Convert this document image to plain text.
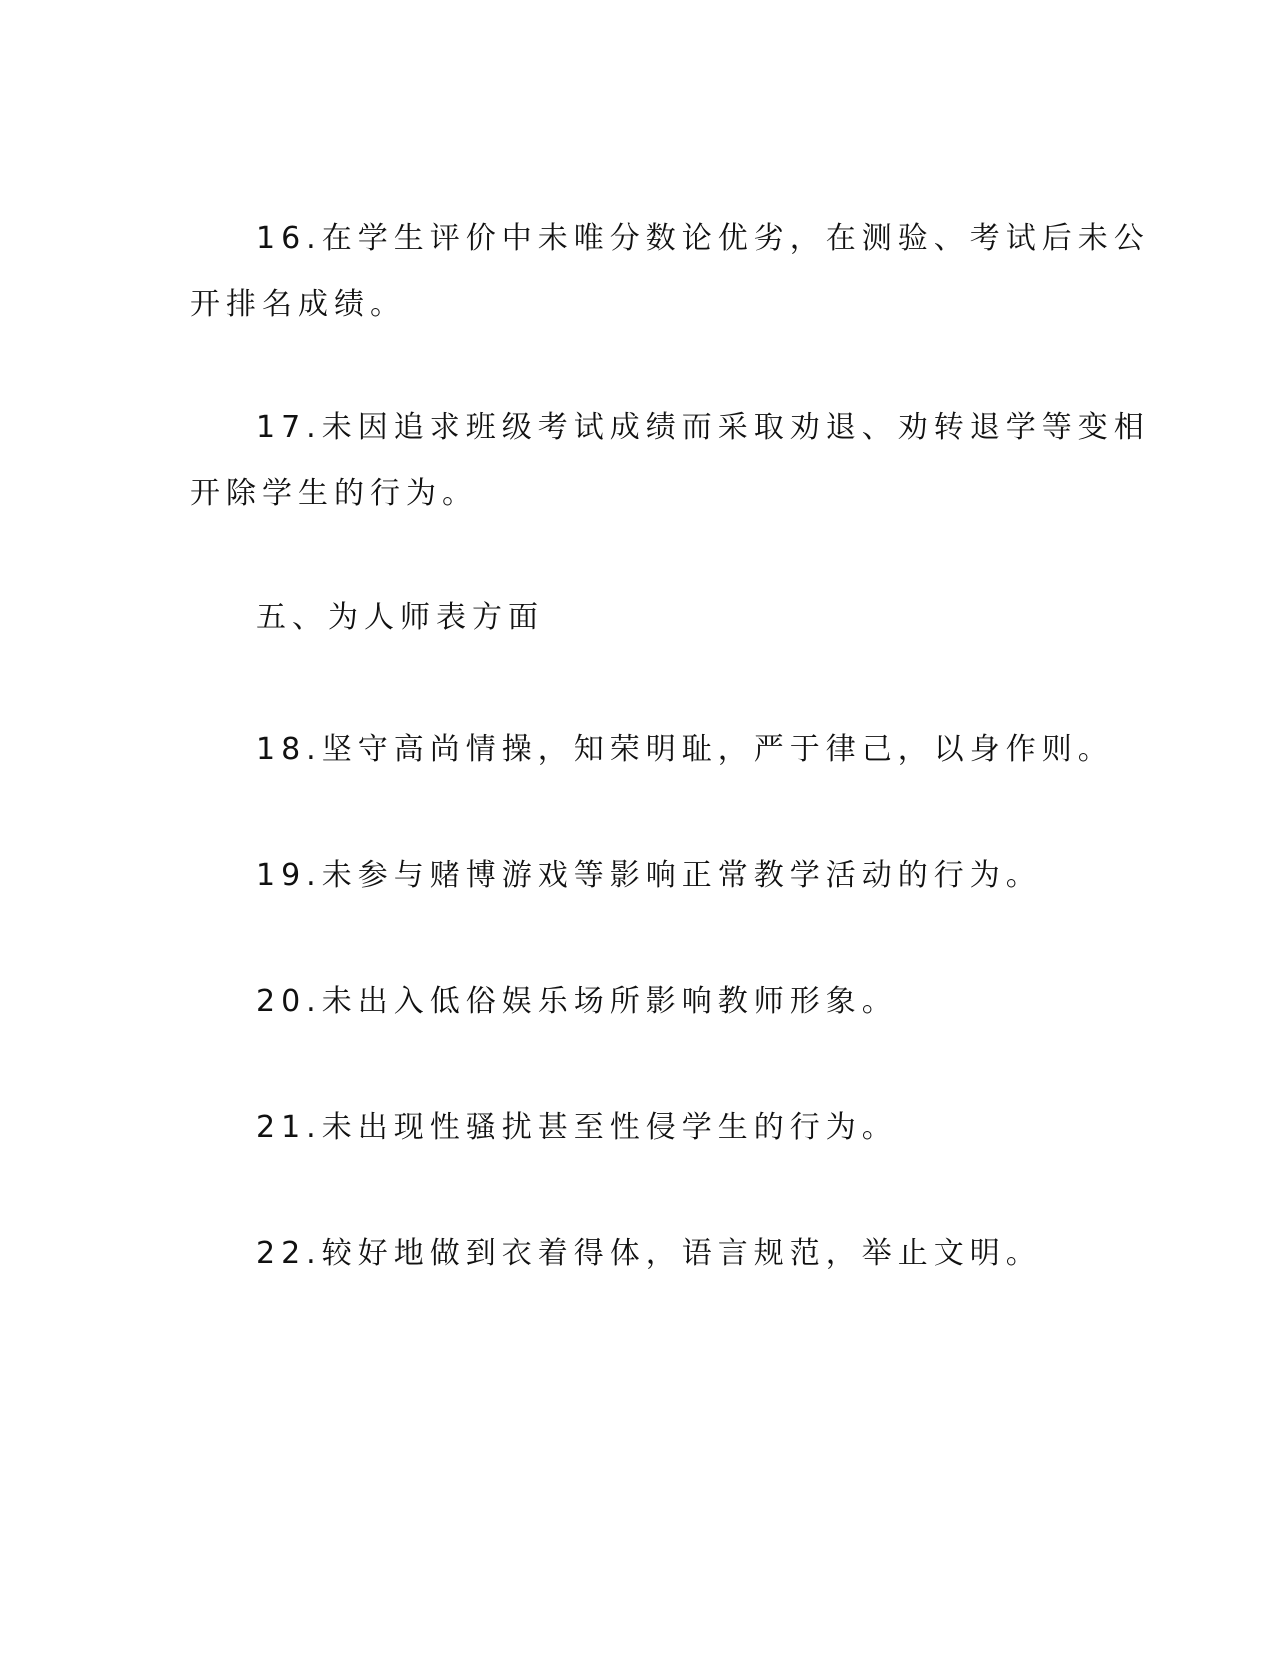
16.在学生评价中未唯分数论优劣，在测验、考试后未公
开排名成绩。

17.未因追求班级考试成绩而采取劝退、劝转退学等变相
开除学生的行为。

五、为人师表方面

18.坚守高尚情操，知荣明耻，严于律己，以身作则。

19.未参与赌博游戏等影响正常教学活动的行为。

20.未出入低俗娱乐场所影响教师形象。

21.未出现性骚扰甚至性侵学生的行为。

22.较好地做到衣着得体，语言规范，举止文明。
